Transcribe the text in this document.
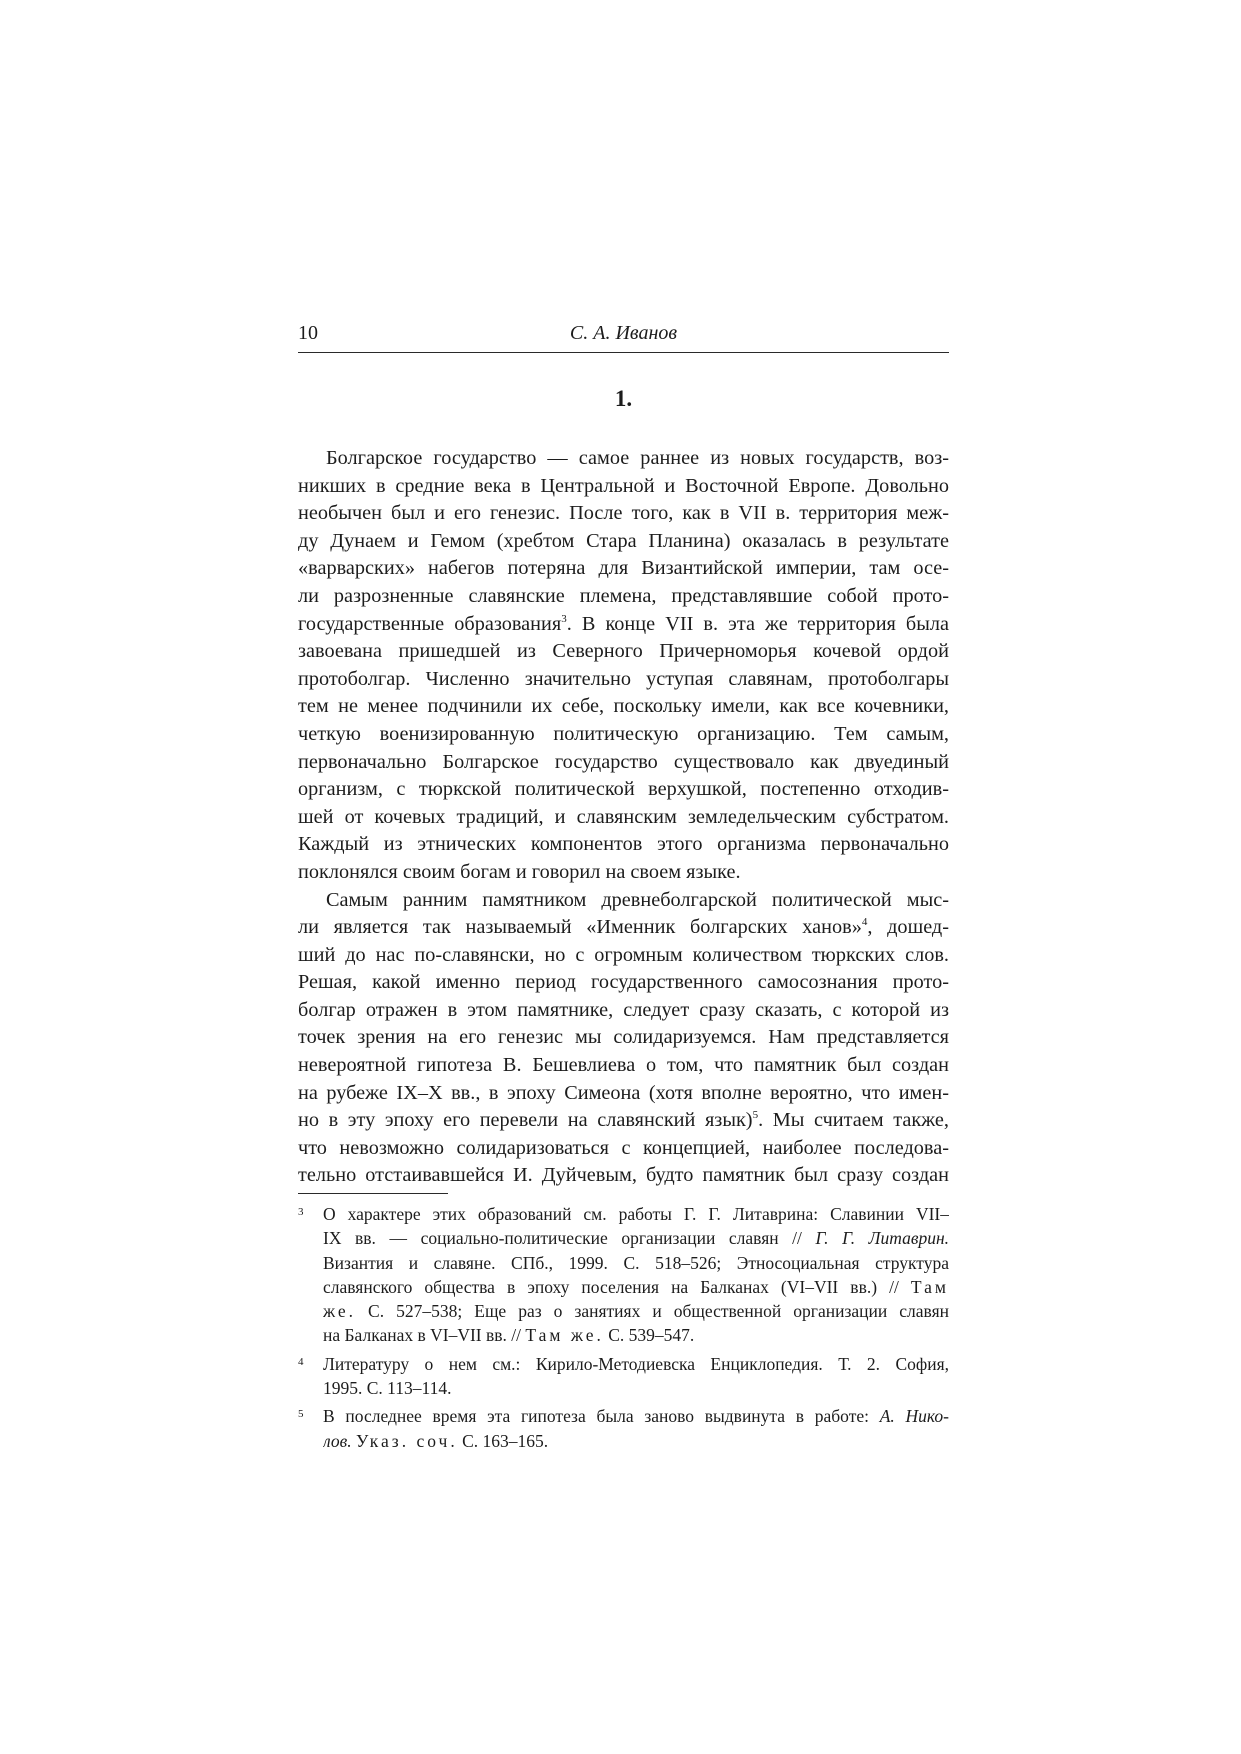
10	С. А. Иванов
1.
Болгарское государство — самое раннее из новых государств, воз-
никших в средние века в Центральной и Восточной Европе. Довольно
необычен был и его генезис. После того, как в VII в. территория меж-
ду Дунаем и Гемом (хребтом Стара Планина) оказалась в результате
«варварских» набегов потеряна для Византийской империи, там осе-
ли разрозненные славянские племена, представлявшие собой прото-
государственные образования$^3$. В конце VII в. эта же территория была
завоевана пришедшей из Северного Причерноморья кочевой ордой
протоболгар. Численно значительно уступая славянам, протоболгары
тем не менее подчинили их себе, поскольку имели, как все кочевники,
четкую военизированную политическую организацию. Тем самым,
первоначально Болгарское государство существовало как двуединый
организм, с тюркской политической верхушкой, постепенно отходив-
шей от кочевых традиций, и славянским земледельческим субстратом.
Каждый из этнических компонентов этого организма первоначально
поклонялся своим богам и говорил на своем языке.
Самым ранним памятником древнеболгарской политической мыс-
ли является так называемый «Именник болгарских ханов»$^4$, дошед-
ший до нас по-славянски, но с огромным количеством тюркских слов.
Решая, какой именно период государственного самосознания прото-
болгар отражен в этом памятнике, следует сразу сказать, с которой из
точек зрения на его генезис мы солидаризуемся. Нам представляется
невероятной гипотеза В. Бешевлиева о том, что памятник был создан
на рубеже IX–X вв., в эпоху Симеона (хотя вполне вероятно, что имен-
но в эту эпоху его перевели на славянский язык)$^5$. Мы считаем также,
что невозможно солидаризоваться с концепцией, наиболее последова-
тельно отстаивавшейся И. Дуйчевым, будто памятник был сразу создан
3 О характере этих образований см. работы Г. Г. Литаврина: Славинии VII–
IX вв. — социально-политические организации славян // Г. Г. Литаврин.
Византия и славяне. СПб., 1999. С. 518–526; Этносоциальная структура
славянского общества в эпоху поселения на Балканах (VI–VII вв.) // Там
же. С. 527–538; Еще раз о занятиях и общественной организации славян
на Балканах в VI–VII вв. // Там же. С. 539–547.
4 Литературу о нем см.: Кирило-Методиевска Енциклопедия. Т. 2. София,
1995. С. 113–114.
5 В последнее время эта гипотеза была заново выдвинута в работе: А. Нико-
лов. Указ. соч. С. 163–165.
